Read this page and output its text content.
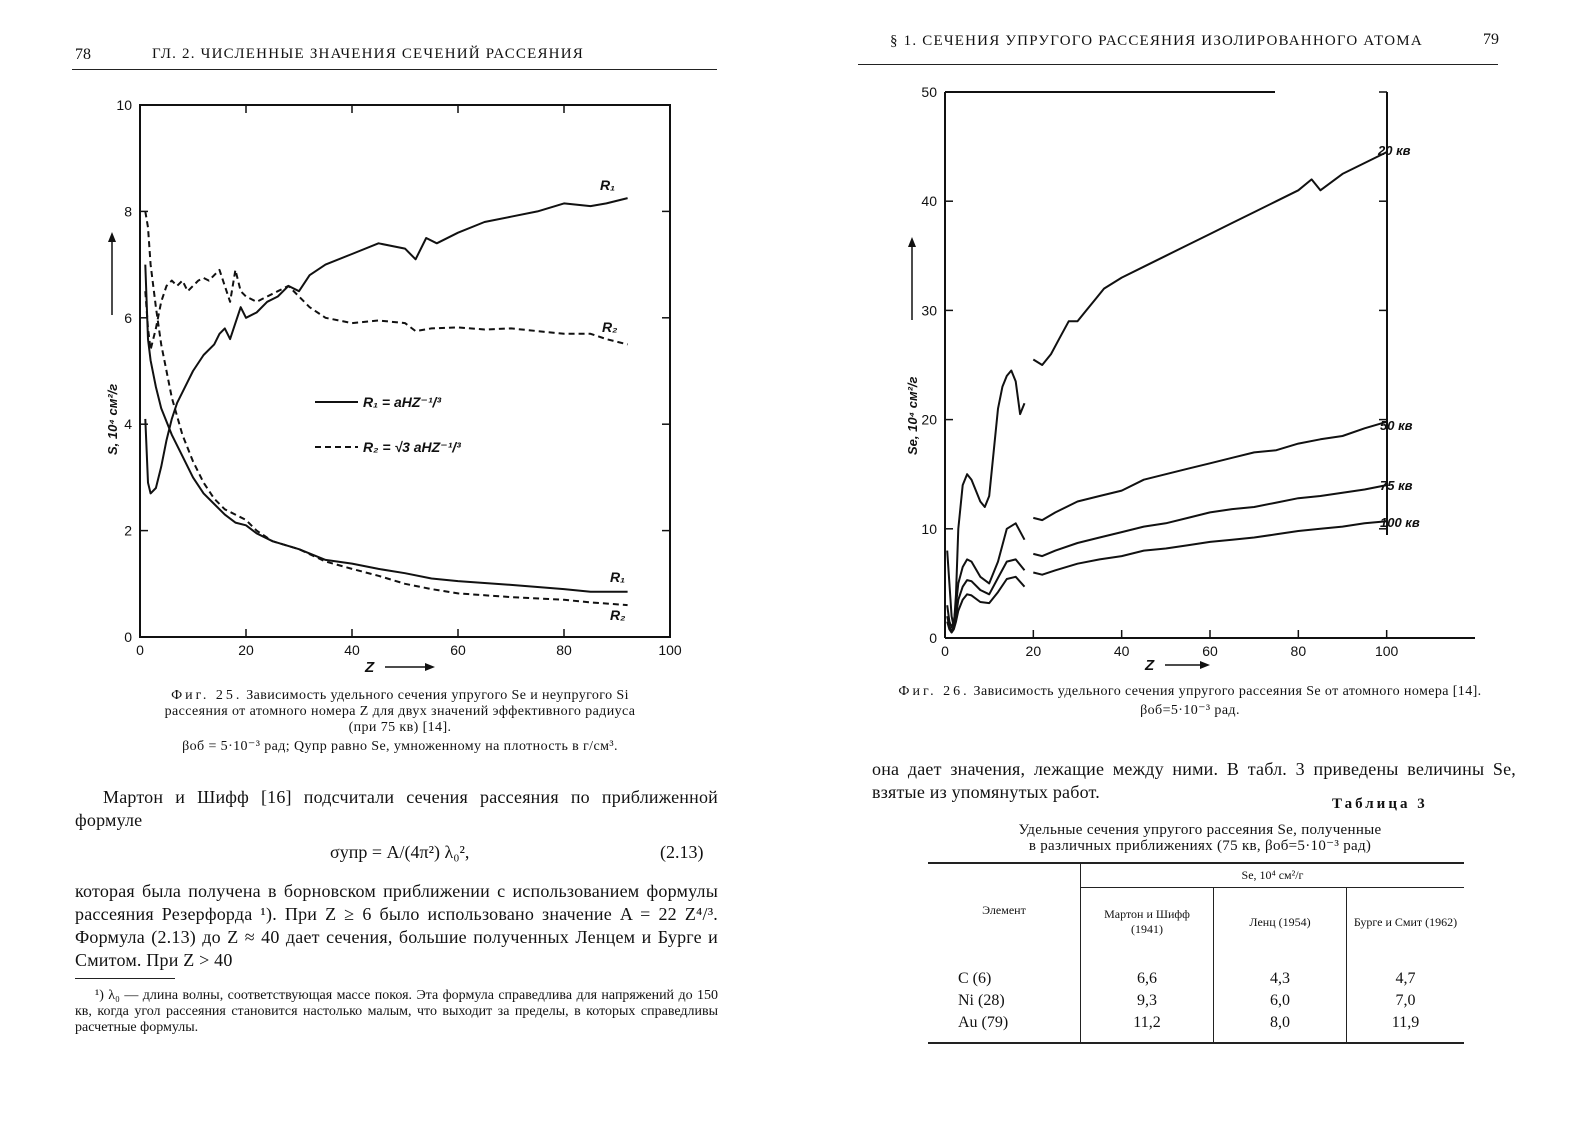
78	ГЛ. 2. ЧИСЛЕННЫЕ ЗНАЧЕНИЯ СЕЧЕНИЙ РАССЕЯНИЯ
0	20	40	60	80	100
0
2
4
6
8
10
Z
S, 10⁴ см²/г
R₁
R₂
R₁
R₂
R₁ = aHZ⁻¹/³
R₂ = √3 aHZ⁻¹/³
Фиг. 25. Зависимость удельного сечения упругого Se и неупругого Si
рассеяния от атомного номера Z для двух значений эффективного радиуса
(при 75 кв) [14].
βоб = 5·10⁻³ рад; Qупр равно Se, умноженному на плотность в г/см³.
Мартон и Шифф [16] подсчитали сечения рассеяния по приближенной формуле
σупр = A/(4π²) λ₀²,	(2.13)
которая была получена в борновском приближении с использованием формулы рассеяния Резерфорда ¹). При Z ≥ 6 было использовано значение A = 22 Z⁴/³. Формула (2.13) до Z ≈ 40 дает сечения, большие полученных Ленцем и Бурге и Смитом. При Z > 40
¹) λ₀ — длина волны, соответствующая массе покоя. Эта формула справедлива для напряжений до 150 кв, когда угол рассеяния становится настолько малым, что выходит за пределы, в которых справедливы расчетные формулы.
§ 1. СЕЧЕНИЯ УПРУГОГО РАССЕЯНИЯ ИЗОЛИРОВАННОГО АТОМА	79
0	20	40	60	80	100
0
10
20
30
40
50
Z
Se, 10⁴ см²/г
20 кв
50 кв
75 кв
100 кв
Фиг. 26. Зависимость удельного сечения упругого рассеяния Se от атомного номера [14].
βоб=5·10⁻³ рад.
она дает значения, лежащие между ними. В табл. 3 приведены величины Se, взятые из упомянутых работ.
Таблица 3
Удельные сечения упругого рассеяния Se, полученные
в различных приближениях (75 кв, βоб=5·10⁻³ рад)
Элемент	Se, 10⁴ см²/г		
	Мартон и Шифф (1941)	Ленц (1954)	Бурге и Смит (1962)
C (6)	6,6	4,3	4,7
Ni (28)	9,3	6,0	7,0
Au (79)	11,2	8,0	11,9
